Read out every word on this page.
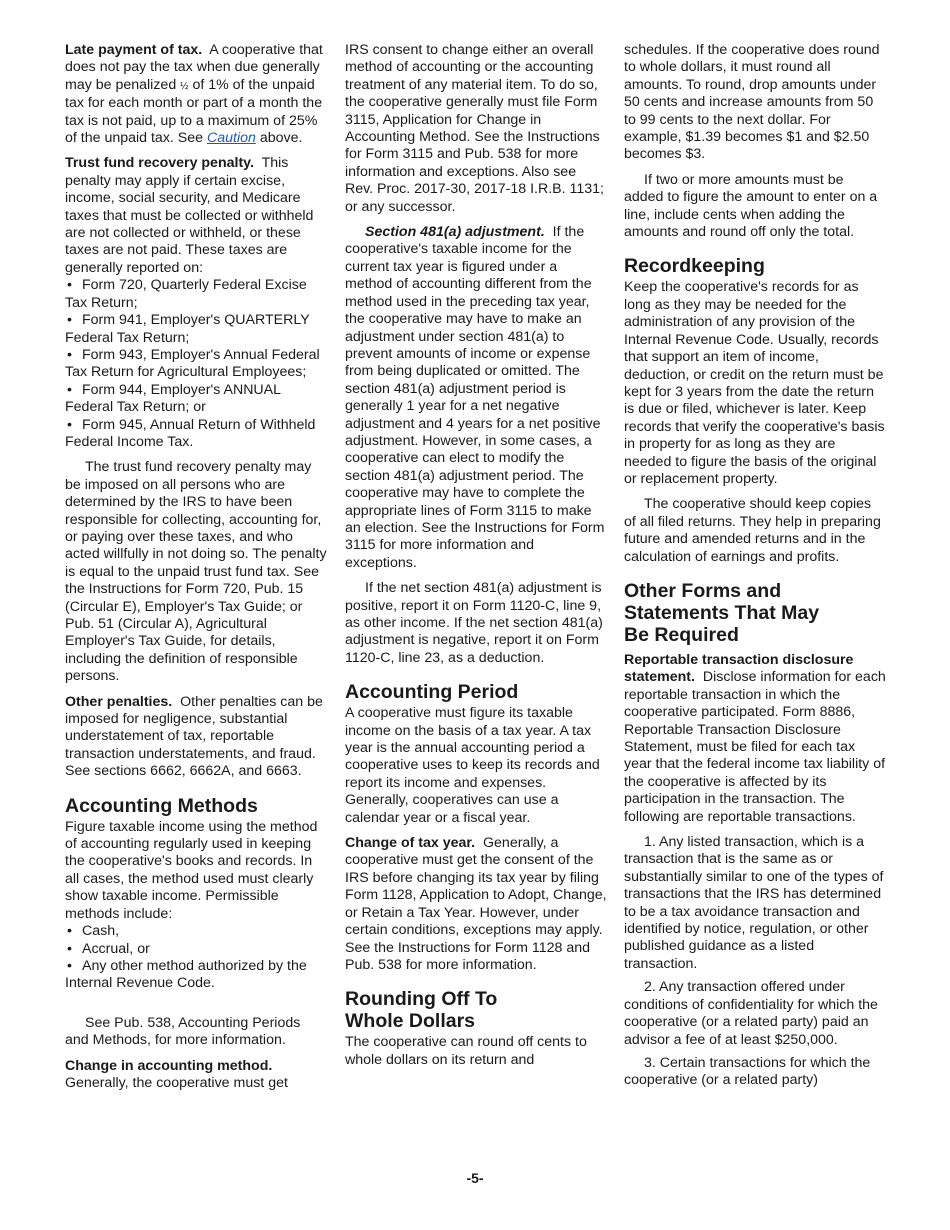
Late payment of tax. A cooperative that does not pay the tax when due generally may be penalized ½ of 1% of the unpaid tax for each month or part of a month the tax is not paid, up to a maximum of 25% of the unpaid tax. See Caution above.

Trust fund recovery penalty. This penalty may apply if certain excise, income, social security, and Medicare taxes that must be collected or withheld are not collected or withheld, or these taxes are not paid. These taxes are generally reported on:

• Form 720, Quarterly Federal Excise Tax Return;

• Form 941, Employer's QUARTERLY Federal Tax Return;

• Form 943, Employer's Annual Federal Tax Return for Agricultural Employees;

• Form 944, Employer's ANNUAL Federal Tax Return; or

• Form 945, Annual Return of Withheld Federal Income Tax.

The trust fund recovery penalty may be imposed on all persons who are determined by the IRS to have been responsible for collecting, accounting for, or paying over these taxes, and who acted willfully in not doing so. The penalty is equal to the unpaid trust fund tax. See the Instructions for Form 720, Pub. 15 (Circular E), Employer's Tax Guide; or Pub. 51 (Circular A), Agricultural Employer's Tax Guide, for details, including the definition of responsible persons.

Other penalties. Other penalties can be imposed for negligence, substantial understatement of tax, reportable transaction understatements, and fraud. See sections 6662, 6662A, and 6663.

Accounting Methods

Figure taxable income using the method of accounting regularly used in keeping the cooperative's books and records. In all cases, the method used must clearly show taxable income. Permissible methods include:

• Cash,

• Accrual, or

• Any other method authorized by the Internal Revenue Code.

See Pub. 538, Accounting Periods and Methods, for more information.

Change in accounting method.
Generally, the cooperative must get

IRS consent to change either an overall method of accounting or the accounting treatment of any material item. To do so, the cooperative generally must file Form 3115, Application for Change in Accounting Method. See the Instructions for Form 3115 and Pub. 538 for more information and exceptions. Also see Rev. Proc. 2017-30, 2017-18 I.R.B. 1131; or any successor.

Section 481(a) adjustment. If the cooperative's taxable income for the current tax year is figured under a method of accounting different from the method used in the preceding tax year, the cooperative may have to make an adjustment under section 481(a) to prevent amounts of income or expense from being duplicated or omitted. The section 481(a) adjustment period is generally 1 year for a net negative adjustment and 4 years for a net positive adjustment. However, in some cases, a cooperative can elect to modify the section 481(a) adjustment period. The cooperative may have to complete the appropriate lines of Form 3115 to make an election. See the Instructions for Form 3115 for more information and exceptions.

If the net section 481(a) adjustment is positive, report it on Form 1120-C, line 9, as other income. If the net section 481(a) adjustment is negative, report it on Form 1120-C, line 23, as a deduction.

Accounting Period

A cooperative must figure its taxable income on the basis of a tax year. A tax year is the annual accounting period a cooperative uses to keep its records and report its income and expenses. Generally, cooperatives can use a calendar year or a fiscal year.

Change of tax year. Generally, a cooperative must get the consent of the IRS before changing its tax year by filing Form 1128, Application to Adopt, Change, or Retain a Tax Year. However, under certain conditions, exceptions may apply. See the Instructions for Form 1128 and Pub. 538 for more information.

Rounding Off To
Whole Dollars

The cooperative can round off cents to whole dollars on its return and

schedules. If the cooperative does round to whole dollars, it must round all amounts. To round, drop amounts under 50 cents and increase amounts from 50 to 99 cents to the next dollar. For example, $1.39 becomes $1 and $2.50 becomes $3.

If two or more amounts must be added to figure the amount to enter on a line, include cents when adding the amounts and round off only the total.

Recordkeeping

Keep the cooperative's records for as long as they may be needed for the administration of any provision of the Internal Revenue Code. Usually, records that support an item of income, deduction, or credit on the return must be kept for 3 years from the date the return is due or filed, whichever is later. Keep records that verify the cooperative's basis in property for as long as they are needed to figure the basis of the original or replacement property.

The cooperative should keep copies of all filed returns. They help in preparing future and amended returns and in the calculation of earnings and profits.

Other Forms and
Statements That May
Be Required

Reportable transaction disclosure statement. Disclose information for each reportable transaction in which the cooperative participated. Form 8886, Reportable Transaction Disclosure Statement, must be filed for each tax year that the federal income tax liability of the cooperative is affected by its participation in the transaction. The following are reportable transactions.

1. Any listed transaction, which is a transaction that is the same as or substantially similar to one of the types of transactions that the IRS has determined to be a tax avoidance transaction and identified by notice, regulation, or other published guidance as a listed transaction.

2. Any transaction offered under conditions of confidentiality for which the cooperative (or a related party) paid an advisor a fee of at least $250,000.

3. Certain transactions for which the cooperative (or a related party)

-5-
